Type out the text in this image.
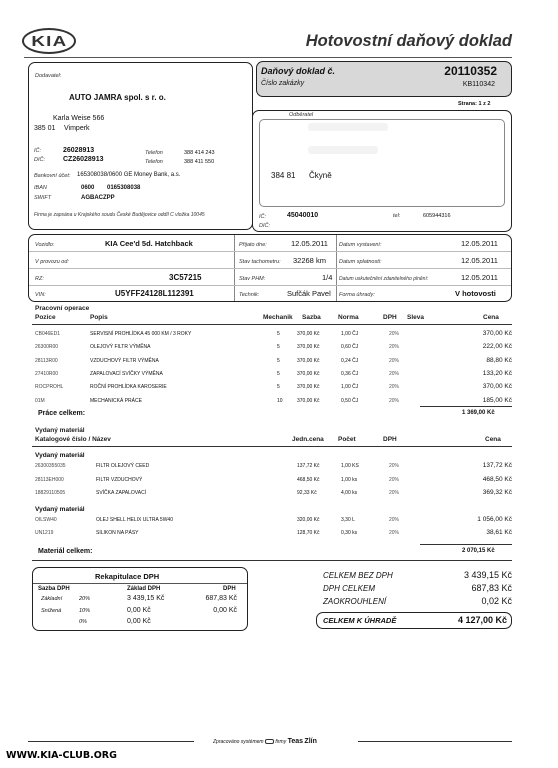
KIA	Hotovostní daňový doklad
Dodavatel:
AUTO JAMRA spol. s r. o.
Karla Weise 566
385 01 Vimperk
IČ:	26028913
DIČ:	CZ26028913
Telefon	388 414 243
Telefon	388 411 550
Bankovní účet: 165308038/0600 GE Money Bank, a.s.
IBAN	0600 0165308038
SWIFT	AGBACZPP
Firma je zapsána u Krajského soudu České Budějovice oddíl C vložka 10045
Daňový doklad č.	20110352
Číslo zakázky	KB110342
Strana: 1 z 2
Odběratel
384 81 Čkyně
IČ:	45040010
DIČ:
tel:	605944316
Vozidlo:	KIA Cee'd 5d. Hatchback
V provozu od:
RZ:	3C57215
VIN:	U5YFF24128L112391
Přijato dne:	12.05.2011
Stav tachometru: 32268 km
Stav PHM:	1/4
Technik:	Sufčák Pavel
Datum vystavení:	12.05.2011
Datum splatnosti:	12.05.2011
Datum uskutečnění zdanitelného plnění:	12.05.2011
Forma úhrady:	V hotovosti
Pracovní operace
Pozice	Popis	Mechanik Sazba	Norma	DPH Sleva	Cena
CB046ED1	SERVISNÍ PROHLÍDKA 45 000 KM / 3 ROKY	5	370,00 Kč	1,00 ČJ	20%	370,00 Kč
26300R00	OLEJOVÝ FILTR VÝMĚNA	5	370,00 Kč	0,60 ČJ	20%	222,00 Kč
28113R00	VZDUCHOVÝ FILTR VÝMĚNA	5	370,00 Kč	0,24 ČJ	20%	88,80 Kč
27410R00	ZAPALOVACÍ SVÍČKY VÝMĚNA	5	370,00 Kč	0,36 ČJ	20%	133,20 Kč
ROCPROHL	ROČNÍ PROHLÍDKA KAROSERIE	5	370,00 Kč	1,00 ČJ	20%	370,00 Kč
01M	MECHANICKÁ PRÁCE	10	370,00 Kč	0,50 ČJ	20%	185,00 Kč
Práce celkem:	1 369,00 Kč
Vydaný materiál
Katalogové číslo / Název	Jedn.cena Počet	DPH	Cena
Vydaný materiál
26300355035	FILTR OLEJOVÝ CEED	137,72 Kč	1,00 KS	20%	137,72 Kč
28113EH000	FILTR VZDUCHOVÝ	468,50 Kč	1,00 ks	20%	468,50 Kč
18829110505	SVÍČKA ZAPALOVACÍ	92,33 Kč	4,00 ks	20%	369,32 Kč
Vydaný materiál
OILSW40	OLEJ SHELL HELIX ULTRA 5W40	320,00 Kč	3,30 L	20%	1 056,00 Kč
UN1219	SILIKON NA PÁSY	128,70 Kč	0,30 ks	20%	38,61 Kč
Materiál celkem:	2 070,15 Kč
Rekapitulace DPH
Sazba DPH	Základ DPH	DPH
Základní	20%	3 439,15 Kč	687,83 Kč
Snížená	10%	0,00 Kč	0,00 Kč
0%	0,00 Kč
CELKEM BEZ DPH	3 439,15 Kč
DPH CELKEM	687,83 Kč
ZAOKROUHLENÍ	0,02 Kč
CELKEM K ÚHRADĚ	4 127,00 Kč
Zpracováno systémem firmy Teas Zlín
WWW.KIA-CLUB.ORG
